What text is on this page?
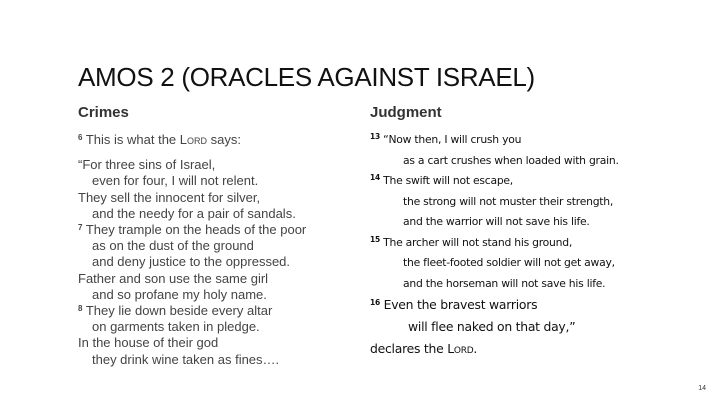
AMOS 2 (ORACLES AGAINST ISRAEL)
Crimes	Judgment
$^6$ This is what the Lord says:
“For three sins of Israel,
even for four, I will not relent.
They sell the innocent for silver,
and the needy for a pair of sandals.
$^7$ They trample on the heads of the poor
as on the dust of the ground
and deny justice to the oppressed.
Father and son use the same girl
and so profane my holy name.
$^8$ They lie down beside every altar
on garments taken in pledge.
In the house of their god
they drink wine taken as fines….
$^{13}$ “Now then, I will crush you
as a cart crushes when loaded with grain.
$^{14}$ The swift will not escape,
the strong will not muster their strength,
and the warrior will not save his life.
$^{15}$ The archer will not stand his ground,
the fleet-footed soldier will not get away,
and the horseman will not save his life.
$^{16}$ Even the bravest warriors
will flee naked on that day,”
declares the Lord.
14
